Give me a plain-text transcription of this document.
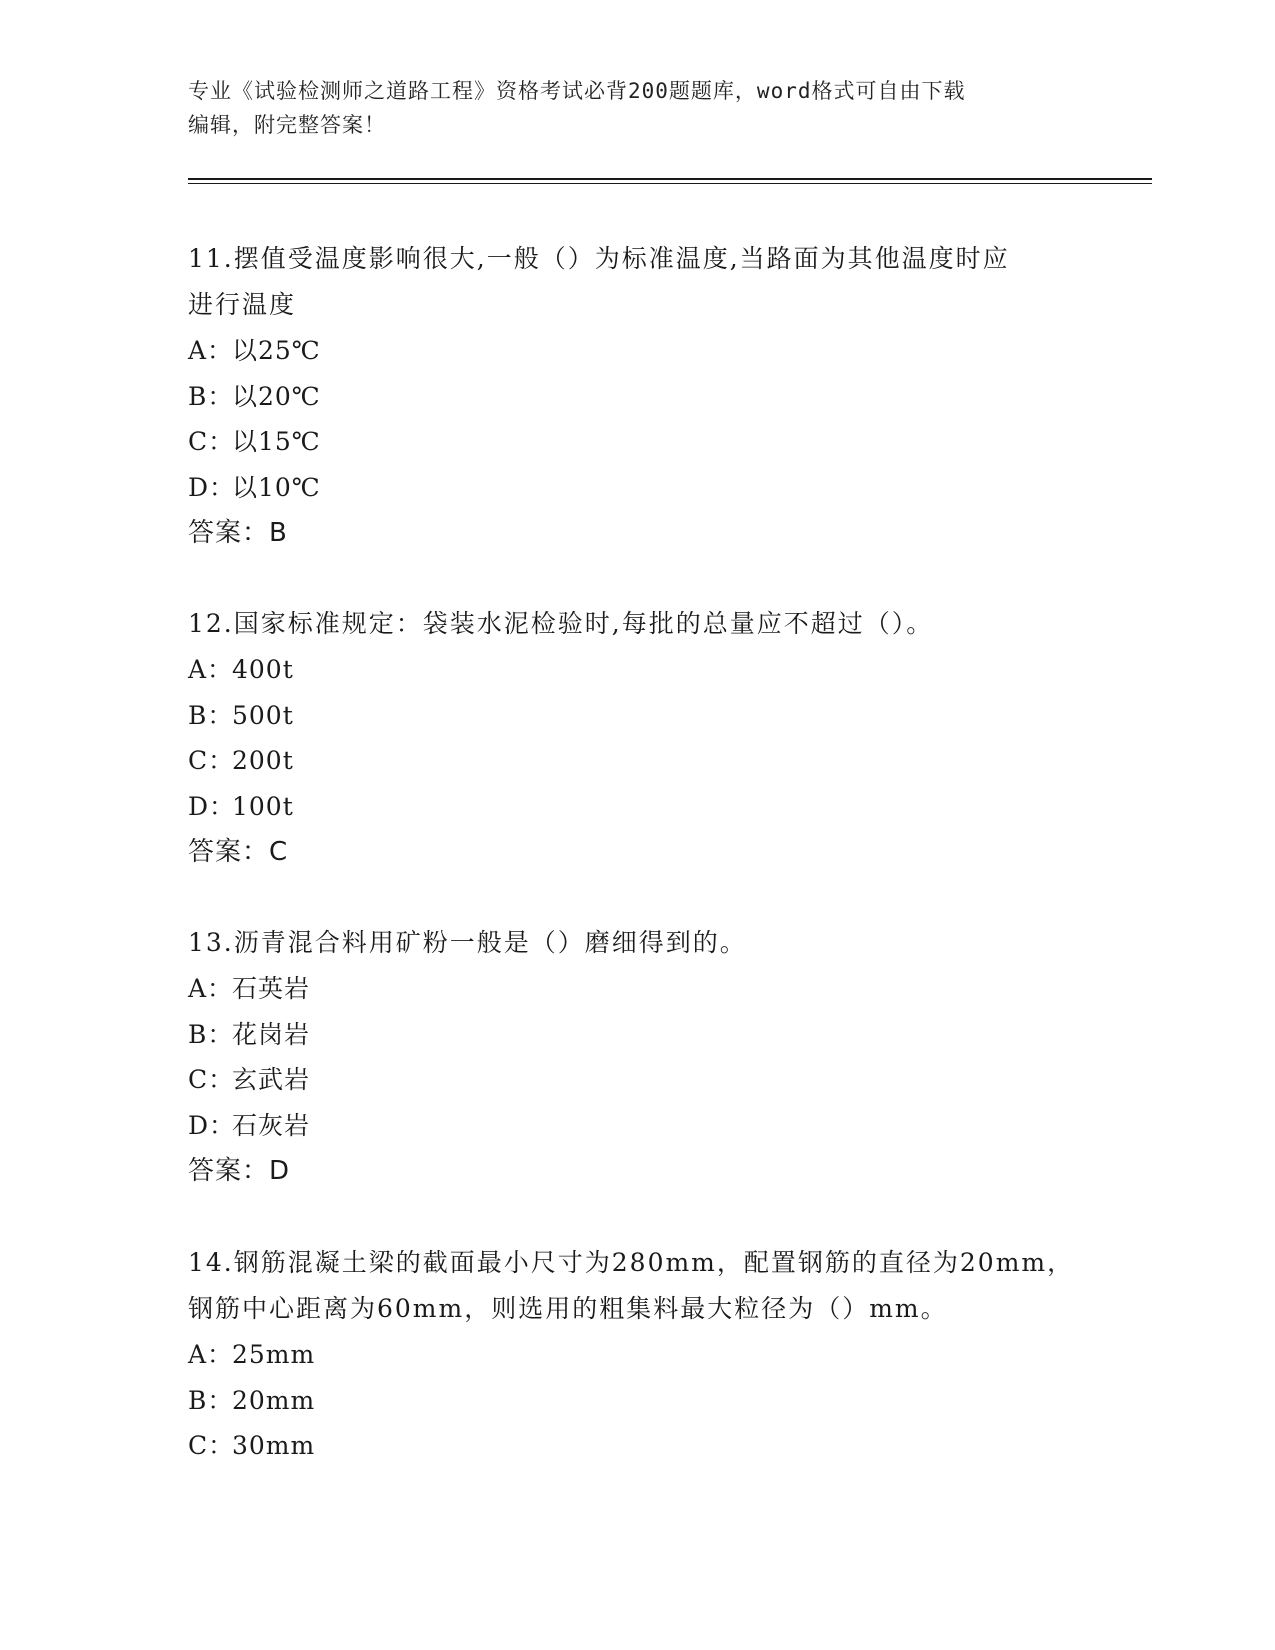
专业《试验检测师之道路工程》资格考试必背200题题库，word格式可自由下载
编辑，附完整答案！
11.摆值受温度影响很大,一般（）为标准温度,当路面为其他温度时应
进行温度
A：
以25℃
B：
以20℃
C：
以15℃
D：
以10℃
答案：B
12.国家标准规定：袋装水泥检验时,每批的总量应不超过（）。
A：
400t
B：
500t
C：
200t
D：
100t
答案：C
13.沥青混合料用矿粉一般是（）磨细得到的。
A：
石英岩
B：
花岗岩
C：
玄武岩
D：
石灰岩
答案：D
14.钢筋混凝土梁的截面最小尺寸为280mm，配置钢筋的直径为20mm，
钢筋中心距离为60mm，则选用的粗集料最大粒径为（）mm。
A：
25mm
B：
20mm
C：
30mm
